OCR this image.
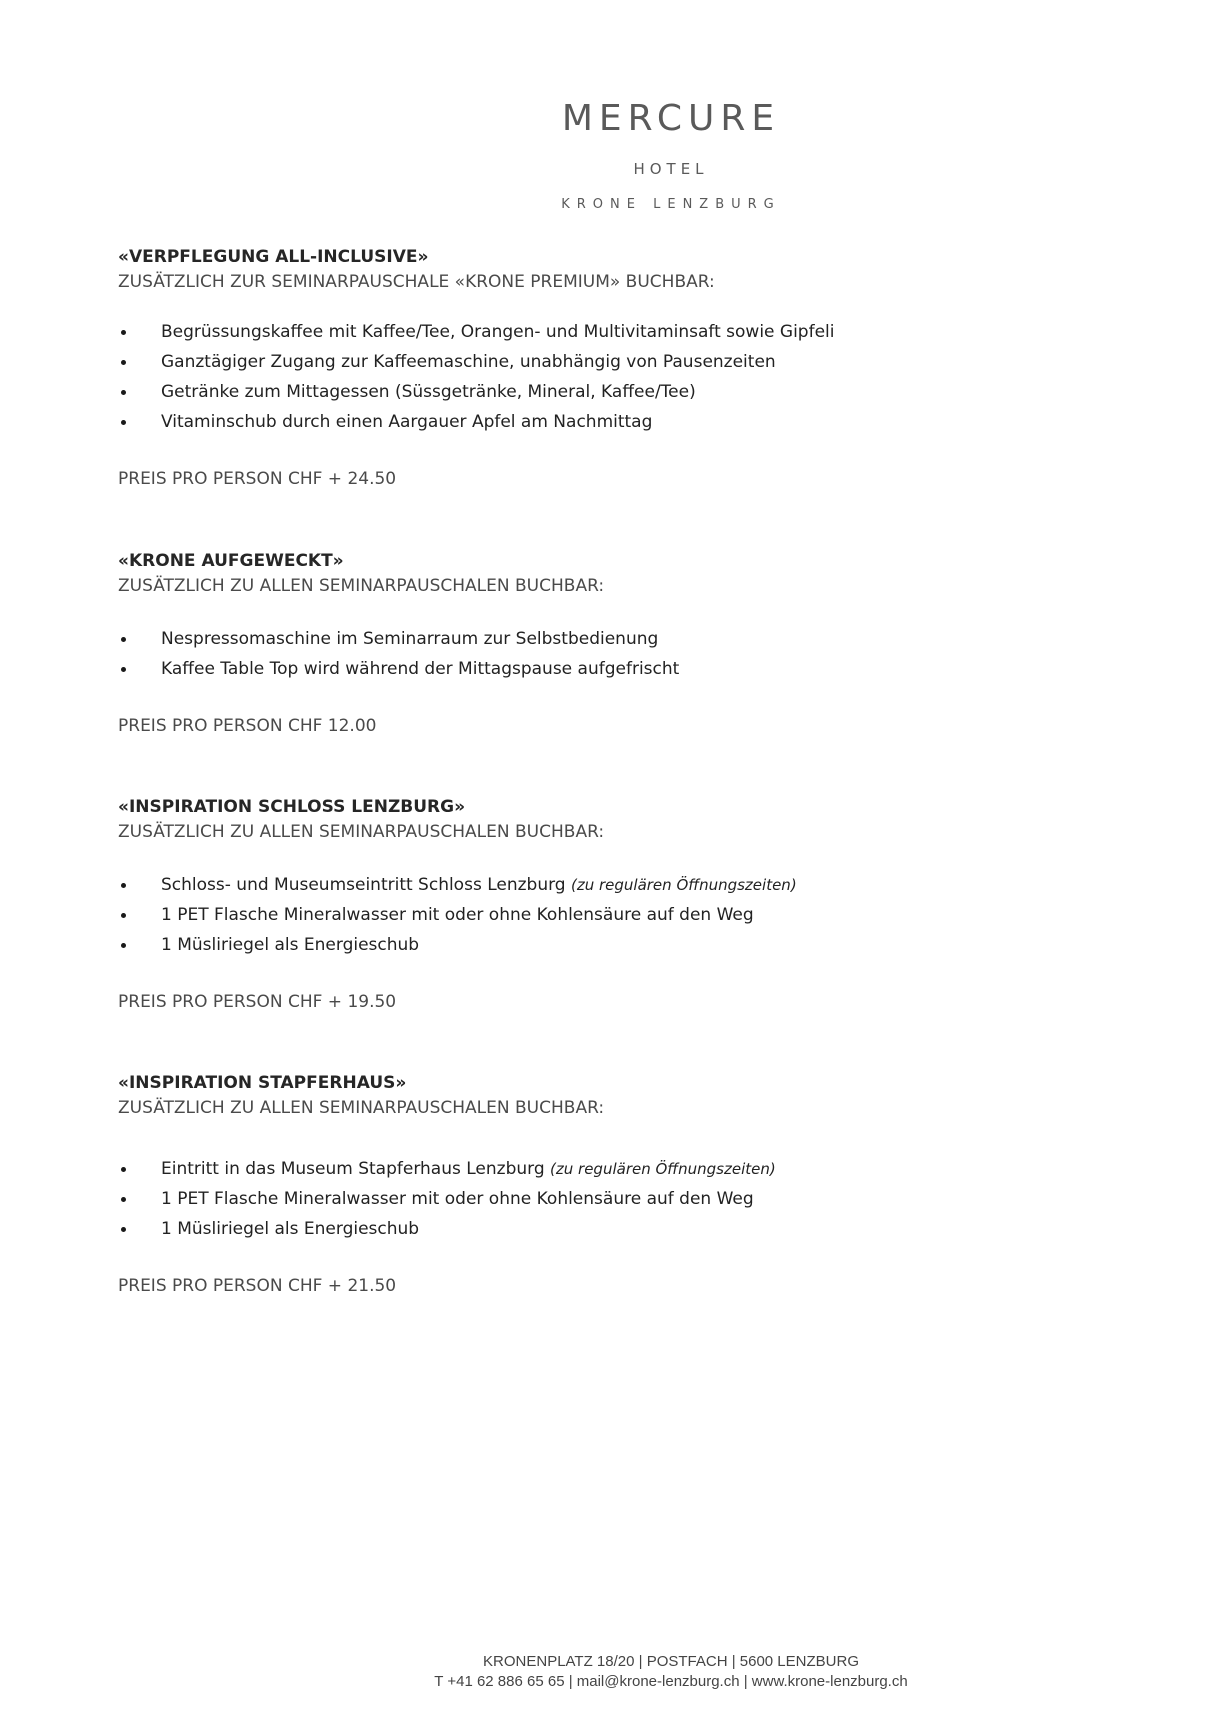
MERCURE
HOTEL
KRONE LENZBURG
«VERPFLEGUNG ALL-INCLUSIVE»
ZUSÄTZLICH ZUR SEMINARPAUSCHALE «KRONE PREMIUM» BUCHBAR:
Begrüssungskaffee mit Kaffee/Tee, Orangen- und Multivitaminsaft sowie Gipfeli
Ganztägiger Zugang zur Kaffeemaschine, unabhängig von Pausenzeiten
Getränke zum Mittagessen (Süssgetränke, Mineral, Kaffee/Tee)
Vitaminschub durch einen Aargauer Apfel am Nachmittag
PREIS PRO PERSON CHF + 24.50
«KRONE AUFGEWECKT»
ZUSÄTZLICH ZU ALLEN SEMINARPAUSCHALEN BUCHBAR:
Nespressomaschine im Seminarraum zur Selbstbedienung
Kaffee Table Top wird während der Mittagspause aufgefrischt
PREIS PRO PERSON CHF 12.00
«INSPIRATION SCHLOSS LENZBURG»
ZUSÄTZLICH ZU ALLEN SEMINARPAUSCHALEN BUCHBAR:
Schloss- und Museumseintritt Schloss Lenzburg (zu regulären Öffnungszeiten)
1 PET Flasche Mineralwasser mit oder ohne Kohlensäure auf den Weg
1 Müsliriegel als Energieschub
PREIS PRO PERSON CHF + 19.50
«INSPIRATION STAPFERHAUS»
ZUSÄTZLICH ZU ALLEN SEMINARPAUSCHALEN BUCHBAR:
Eintritt in das Museum Stapferhaus Lenzburg (zu regulären Öffnungszeiten)
1 PET Flasche Mineralwasser mit oder ohne Kohlensäure auf den Weg
1 Müsliriegel als Energieschub
PREIS PRO PERSON CHF + 21.50
KRONENPLATZ 18/20 | POSTFACH | 5600 LENZBURG
T +41 62 886 65 65 | mail@krone-lenzburg.ch | www.krone-lenzburg.ch
